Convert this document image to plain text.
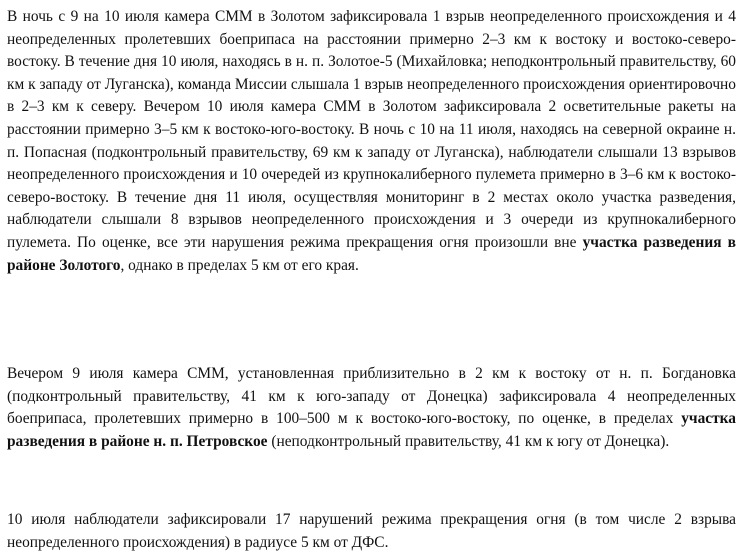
В ночь с 9 на 10 июля камера СММ в Золотом зафиксировала 1 взрыв неопределенного происхождения и 4 неопределенных пролетевших боеприпаса на расстоянии примерно 2–3 км к востоку и востоко-северо-востоку. В течение дня 10 июля, находясь в н. п. Золотое-5 (Михайловка; неподконтрольный правительству, 60 км к западу от Луганска), команда Миссии слышала 1 взрыв неопределенного происхождения ориентировочно в 2–3 км к северу. Вечером 10 июля камера СММ в Золотом зафиксировала 2 осветительные ракеты на расстоянии примерно 3–5 км к востоко-юго-востоку. В ночь с 10 на 11 июля, находясь на северной окраине н. п. Попасная (подконтрольный правительству, 69 км к западу от Луганска), наблюдатели слышали 13 взрывов неопределенного происхождения и 10 очередей из крупнокалиберного пулемета примерно в 3–6 км к востоко-северо-востоку. В течение дня 11 июля, осуществляя мониторинг в 2 местах около участка разведения, наблюдатели слышали 8 взрывов неопределенного происхождения и 3 очереди из крупнокалиберного пулемета. По оценке, все эти нарушения режима прекращения огня произошли вне участка разведения в районе Золотого, однако в пределах 5 км от его края.

Вечером 9 июля камера СММ, установленная приблизительно в 2 км к востоку от н. п. Богдановка (подконтрольный правительству, 41 км к юго-западу от Донецка) зафиксировала 4 неопределенных боеприпаса, пролетевших примерно в 100–500 м к востоко-юго-востоку, по оценке, в пределах участка разведения в районе н. п. Петровское (неподконтрольный правительству, 41 км к югу от Донецка).

10 июля наблюдатели зафиксировали 17 нарушений режима прекращения огня (в том числе 2 взрыва неопределенного происхождения) в радиусе 5 км от ДФС.
